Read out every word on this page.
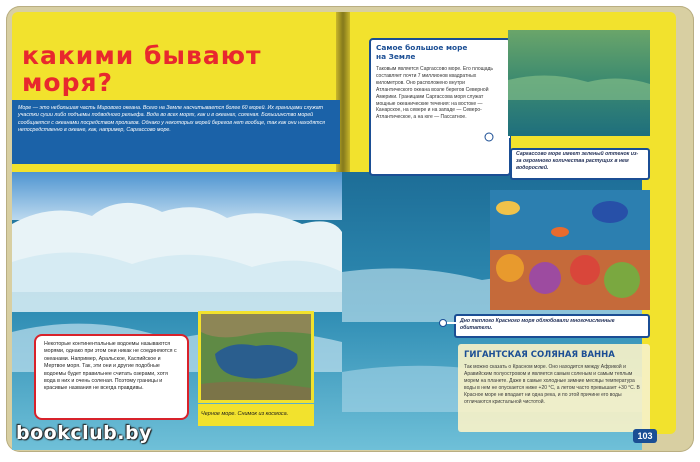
какими бывают
моря?

Море — это небольшая часть Мирового океана. Всего на Земле насчитывается более 60 морей. Их границами служат участки суши либо подъемы подводного рельефа. Вода во всех морях, как и в океанах, соленая. Большинство морей сообщается с океанами посредством проливов. Однако у некоторых морей берегов нет вообще, так как они находятся непосредственно в океане, как, например, Саргассово море.

Черное море. Снимок из космоса.

Некоторые континентальные водоемы называются морями, однако при этом они никак не соединяются с океанами. Например, Аральское, Каспийское и Мертвое моря. Так, эти они и другие подобные водоемы будет правильнее считать озерами, хотя вода в них и очень соленая. Поэтому границы и красивые названия не всегда правдивы.

bookclub.by
Самое большое море
на Земле

Таковым является Саргассово море. Его площадь составляет почти 7 миллионов квадратных километров. Оно расположено внутри Атлантического океана возле берегов Северной Америки. Границами Саргассова моря служат мощные океанические течения: на востоке — Канарское, на севере и на западе — Северо-Атлантическое, а на юге — Пассатное.

Саргассово море имеет зеленый оттенок из-за огромного количества растущих в нем водорослей.

Дно теплого Красного моря облюбовали многочисленные обитатели.

ГИГАНТСКАЯ СОЛЯНАЯ ВАННА

Так можно сказать о Красном море. Оно находится между Африкой и Аравийским полуостровом и является самым соленым и самым теплым морем на планете. Даже в самые холодные зимние месяцы температура воды в нем не опускается ниже +20 °С, а летом часто превышает +30 °С. В Красное море не впадает ни одна река, и по этой причине его воды отличаются кристальной чистотой.

103
